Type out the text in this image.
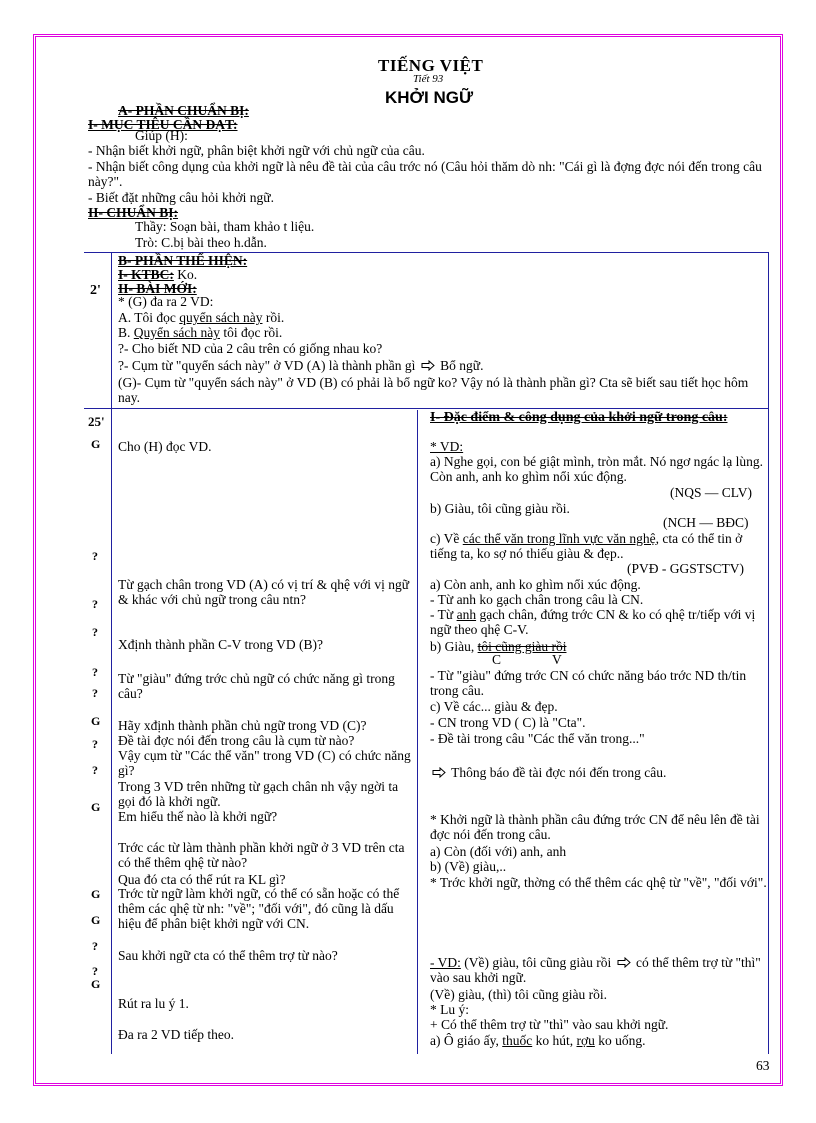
TIẾNG VIỆT
Tiết 93
KHỞI NGỮ
A- PHẦN CHUẨN BỊ:
I- MỤC TIÊU CẦN ĐẠT:
Giúp (H):
- Nhận biết khởi ngữ, phân biệt khởi ngữ với chủ ngữ của câu.
- Nhận biết công dụng của khởi ngữ là nêu đề tài của câu trớc nó (Câu hỏi thăm dò nh: "Cái gì là đợng đợc nói đến trong câu này?".
- Biết đặt những câu hỏi khởi ngữ.
II- CHUẨN BỊ:
Thầy: Soạn bài, tham khảo t liệu.
Trò: C.bị bài theo h.dẫn.
2'
B- PHẦN THỂ HIỆN:
I- KTBC: Ko.
II- BÀI MỚI:
* (G) đa ra 2 VD:
A. Tôi đọc quyển sách này rồi.
B. Quyển sách này tôi đọc rồi.
?- Cho biết ND của 2 câu trên có giống nhau ko?
?- Cụm từ "quyển sách này" ở VD (A) là thành phần gì Bổ ngữ.
(G)- Cụm từ "quyển sách này" ở VD (B) có phải là bổ ngữ ko? Vậy nó là thành phần gì? Cta sẽ biết sau tiết học hôm nay.
25'
G
?
?
?
?
?
G
?
?
G
G
G
?
?
G
Cho (H) đọc VD.
Từ gạch chân trong VD (A) có vị trí & qhệ với vị ngữ & khác với chủ ngữ trong câu ntn?
Xđịnh thành phần C-V trong VD (B)?
Từ "giàu" đứng trớc chủ ngữ có chức năng gì trong câu?
Hãy xđịnh thành phần chủ ngữ trong VD (C)?
Đề tài đợc nói đến trong câu là cụm từ nào?
Vậy cụm từ "Các thể văn" trong VD (C) có chức năng gì?
Trong 3 VD trên những từ gạch chân nh vậy ngời ta gọi đó là khởi ngữ.
Em hiểu thế nào là khởi ngữ?
Trớc các từ làm thành phần khởi ngữ ở 3 VD trên cta có thể thêm qhệ từ nào?
Qua đó cta có thể rút ra KL gì?
Trớc từ ngữ làm khởi ngữ, có thể có sẵn hoặc có thể thêm các qhệ từ nh: "về"; "đối với", đó cũng là dấu hiệu để phân biệt khởi ngữ với CN.
Sau khởi ngữ cta có thể thêm trợ từ nào?
Rút ra lu ý 1.
Đa ra 2 VD tiếp theo.
I- Đặc điểm & công dụng của khởi ngữ trong câu:
* VD:
a) Nghe gọi, con bé giật mình, tròn mắt. Nó ngơ ngác lạ lùng. Còn anh, anh ko ghìm nổi xúc động.
(NQS — CLV)
b) Giàu, tôi cũng giàu rồi.
(NCH — BĐC)
c) Về các thể văn trong lĩnh vực văn nghệ, cta có thể tin ở tiếng ta, ko sợ nó thiếu giàu & đẹp..
(PVĐ - GGSTSCTV)
a) Còn anh, anh ko ghìm nổi xúc động.
- Từ anh ko gạch chân trong câu là CN.
- Từ anh gạch chân, đứng trớc CN & ko có qhệ tr/tiếp với vị ngữ theo qhệ C-V.
b) Giàu, tôi cũng giàu rồi
C	V
- Từ "giàu" đứng trớc CN có chức năng báo trớc ND th/tin trong câu.
c) Về các... giàu & đẹp.
- CN trong VD ( C) là "Cta".
- Đề tài trong câu "Các thể văn trong..."
Thông báo đề tài đợc nói đến trong câu.
* Khởi ngữ là thành phần câu đứng trớc CN để nêu lên đề tài đợc nói đến trong câu.
a) Còn (đối với) anh, anh
b) (Về) giàu,..
* Trớc khởi ngữ, thờng có thể thêm các qhệ từ "về", "đối với".
- VD: (Về) giàu, tôi cũng giàu rồi có thể thêm trợ từ "thì" vào sau khởi ngữ.
(Về) giàu, (thì) tôi cũng giàu rồi.
* Lu ý:
+ Có thể thêm trợ từ "thì" vào sau khởi ngữ.
a) Ô giáo ấy, thuốc ko hút, rợu ko uống.
63
